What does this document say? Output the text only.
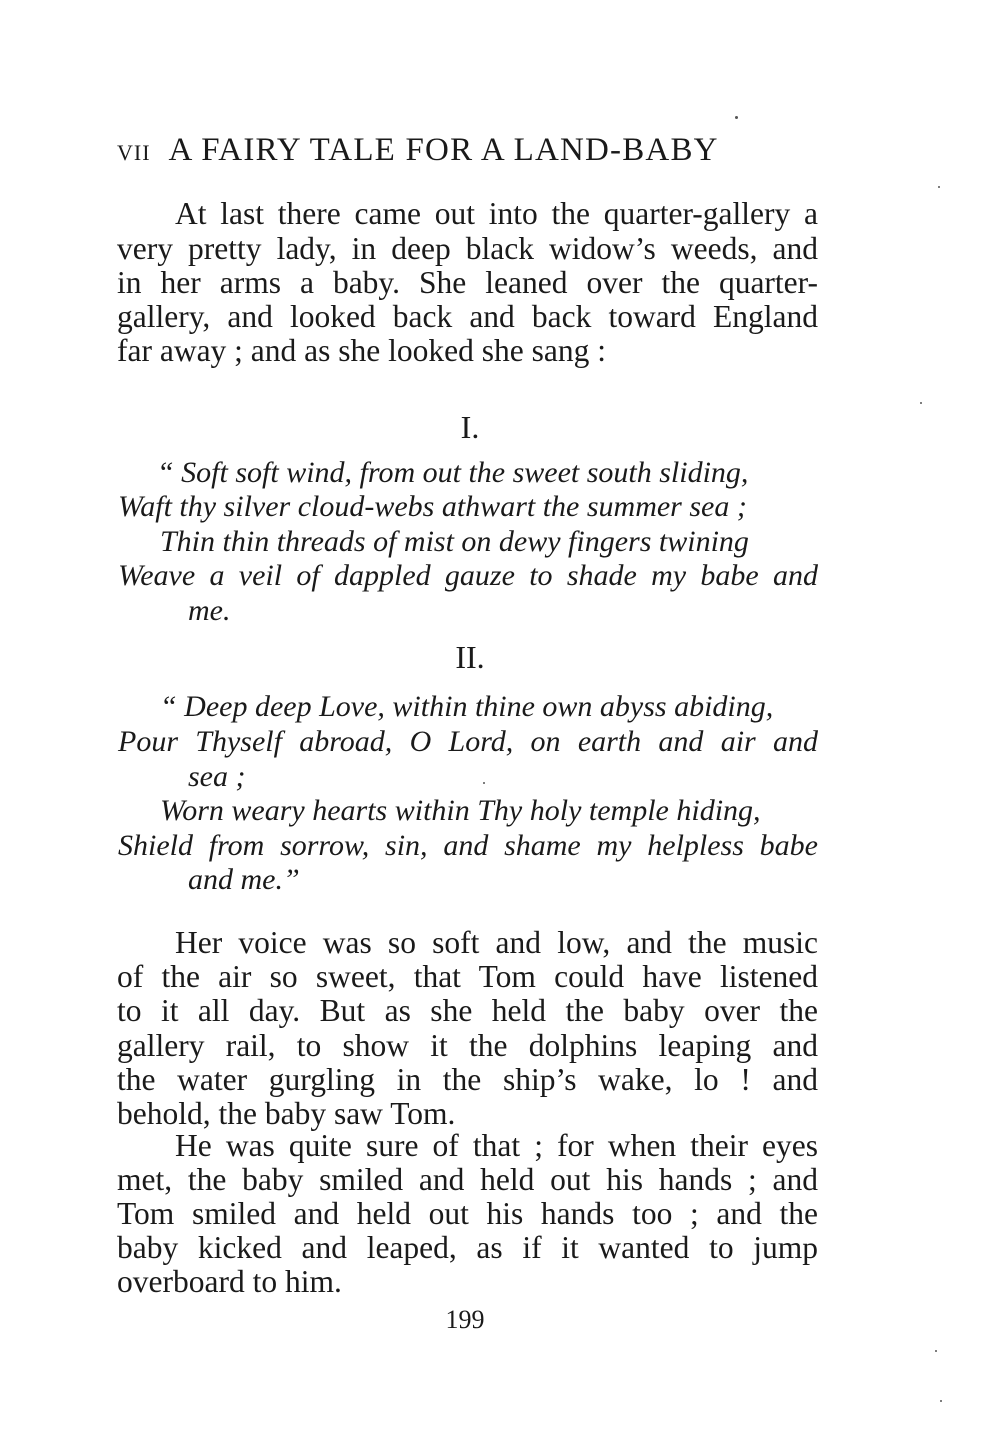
VII A FAIRY TALE FOR A LAND-BABY
At last there came out into the quarter-gallery a
very pretty lady, in deep black widow’s weeds, and
in her arms a baby. She leaned over the quarter-
gallery, and looked back and back toward England
far away ; and as she looked she sang :
I.
“ Soft soft wind, from out the sweet south sliding,
Waft thy silver cloud-webs athwart the summer sea ;
Thin thin threads of mist on dewy fingers twining
Weave a veil of dappled gauze to shade my babe and
me.
II.
“ Deep deep Love, within thine own abyss abiding,
Pour Thyself abroad, O Lord, on earth and air and
sea ;
Worn weary hearts within Thy holy temple hiding,
Shield from sorrow, sin, and shame my helpless babe
and me.”
Her voice was so soft and low, and the music
of the air so sweet, that Tom could have listened
to it all day. But as she held the baby over the
gallery rail, to show it the dolphins leaping and
the water gurgling in the ship’s wake, lo ! and
behold, the baby saw Tom.
He was quite sure of that ; for when their eyes
met, the baby smiled and held out his hands ; and
Tom smiled and held out his hands too ; and the
baby kicked and leaped, as if it wanted to jump
overboard to him.
199
